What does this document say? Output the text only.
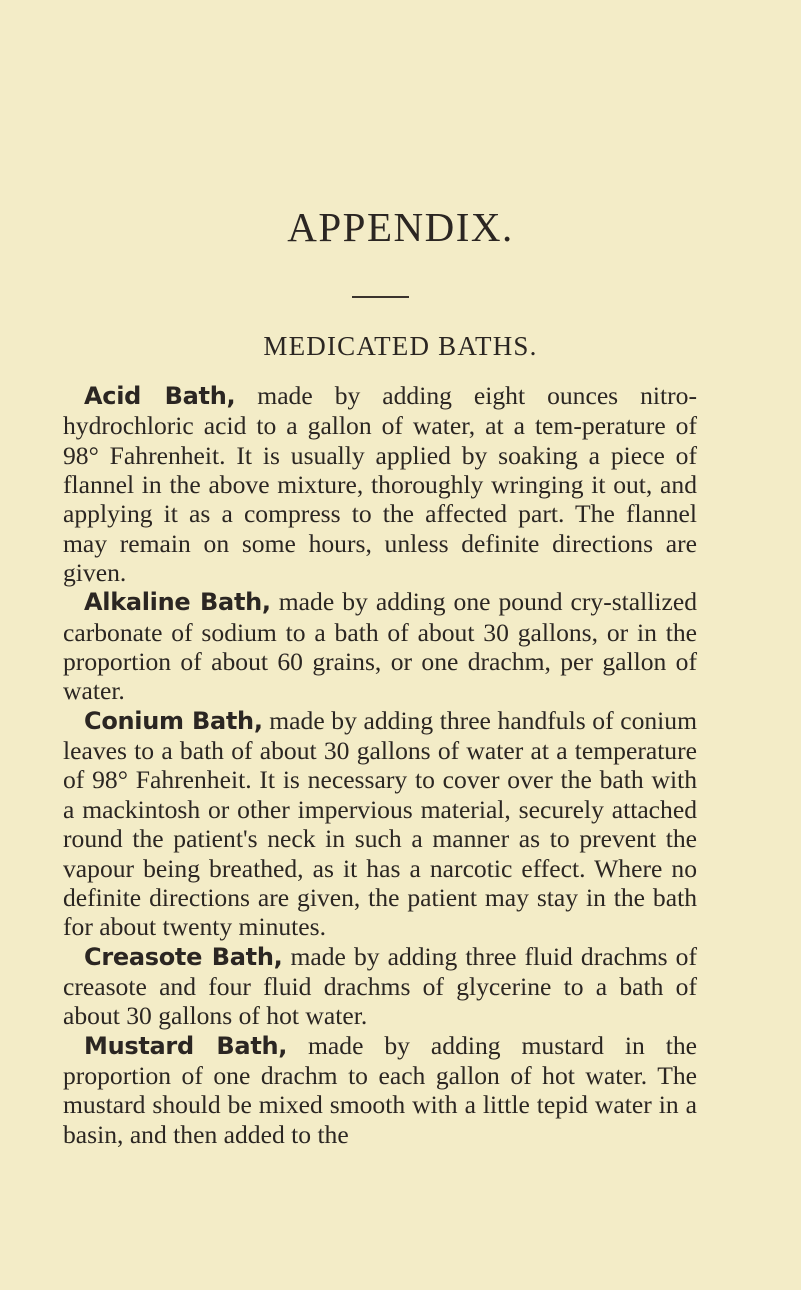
APPENDIX.
MEDICATED BATHS.

Acid Bath, made by adding eight ounces nitro-hydrochloric acid to a gallon of water, at a tem-perature of 98° Fahrenheit. It is usually applied by soaking a piece of flannel in the above mixture, thoroughly wringing it out, and applying it as a compress to the affected part. The flannel may remain on some hours, unless definite directions are given.

Alkaline Bath, made by adding one pound cry-stallized carbonate of sodium to a bath of about 30 gallons, or in the proportion of about 60 grains, or one drachm, per gallon of water.

Conium Bath, made by adding three handfuls of conium leaves to a bath of about 30 gallons of water at a temperature of 98° Fahrenheit. It is necessary to cover over the bath with a mackintosh or other impervious material, securely attached round the patient's neck in such a manner as to prevent the vapour being breathed, as it has a narcotic effect. Where no definite directions are given, the patient may stay in the bath for about twenty minutes.

Creasote Bath, made by adding three fluid drachms of creasote and four fluid drachms of glycerine to a bath of about 30 gallons of hot water.

Mustard Bath, made by adding mustard in the proportion of one drachm to each gallon of hot water. The mustard should be mixed smooth with a little tepid water in a basin, and then added to the
